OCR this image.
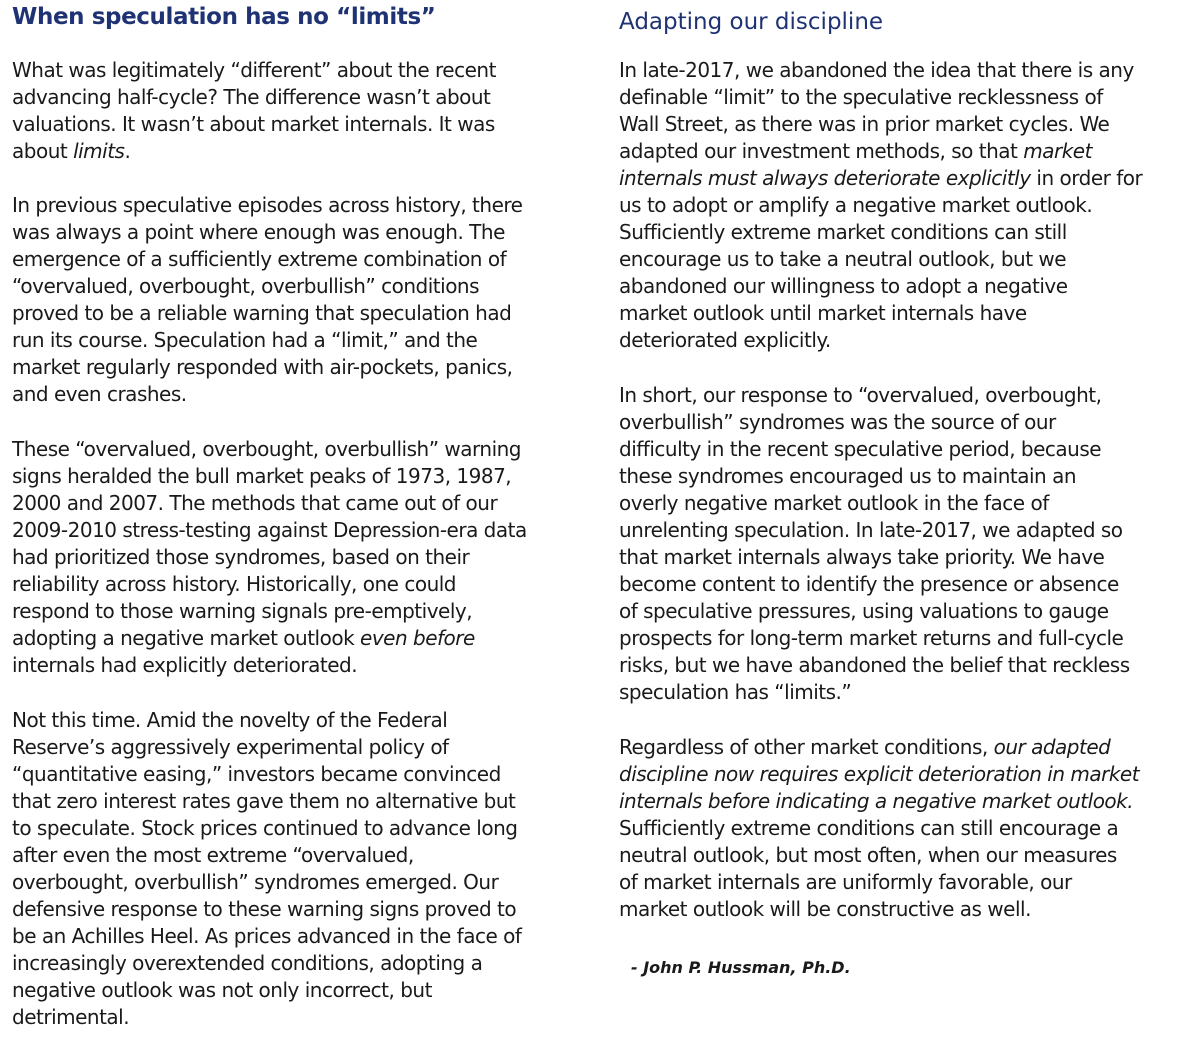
When speculation has no “limits”
What was legitimately “different” about the recent
advancing half-cycle? The difference wasn’t about
valuations. It wasn’t about market internals. It was
about limits.
In previous speculative episodes across history, there
was always a point where enough was enough. The
emergence of a sufficiently extreme combination of
“overvalued, overbought, overbullish” conditions
proved to be a reliable warning that speculation had
run its course. Speculation had a “limit,” and the
market regularly responded with air-pockets, panics,
and even crashes.
These “overvalued, overbought, overbullish” warning
signs heralded the bull market peaks of 1973, 1987,
2000 and 2007. The methods that came out of our
2009-2010 stress-testing against Depression-era data
had prioritized those syndromes, based on their
reliability across history. Historically, one could
respond to those warning signals pre-emptively,
adopting a negative market outlook even before
internals had explicitly deteriorated.
Not this time. Amid the novelty of the Federal
Reserve’s aggressively experimental policy of
“quantitative easing,” investors became convinced
that zero interest rates gave them no alternative but
to speculate. Stock prices continued to advance long
after even the most extreme “overvalued,
overbought, overbullish” syndromes emerged. Our
defensive response to these warning signs proved to
be an Achilles Heel. As prices advanced in the face of
increasingly overextended conditions, adopting a
negative outlook was not only incorrect, but
detrimental.
Adapting our discipline
In late-2017, we abandoned the idea that there is any
definable “limit” to the speculative recklessness of
Wall Street, as there was in prior market cycles. We
adapted our investment methods, so that market
internals must always deteriorate explicitly in order for
us to adopt or amplify a negative market outlook.
Sufficiently extreme market conditions can still
encourage us to take a neutral outlook, but we
abandoned our willingness to adopt a negative
market outlook until market internals have
deteriorated explicitly.
In short, our response to “overvalued, overbought,
overbullish” syndromes was the source of our
difficulty in the recent speculative period, because
these syndromes encouraged us to maintain an
overly negative market outlook in the face of
unrelenting speculation. In late-2017, we adapted so
that market internals always take priority. We have
become content to identify the presence or absence
of speculative pressures, using valuations to gauge
prospects for long-term market returns and full-cycle
risks, but we have abandoned the belief that reckless
speculation has “limits.”
Regardless of other market conditions, our adapted
discipline now requires explicit deterioration in market
internals before indicating a negative market outlook.
Sufficiently extreme conditions can still encourage a
neutral outlook, but most often, when our measures
of market internals are uniformly favorable, our
market outlook will be constructive as well.

- John P. Hussman, Ph.D.
